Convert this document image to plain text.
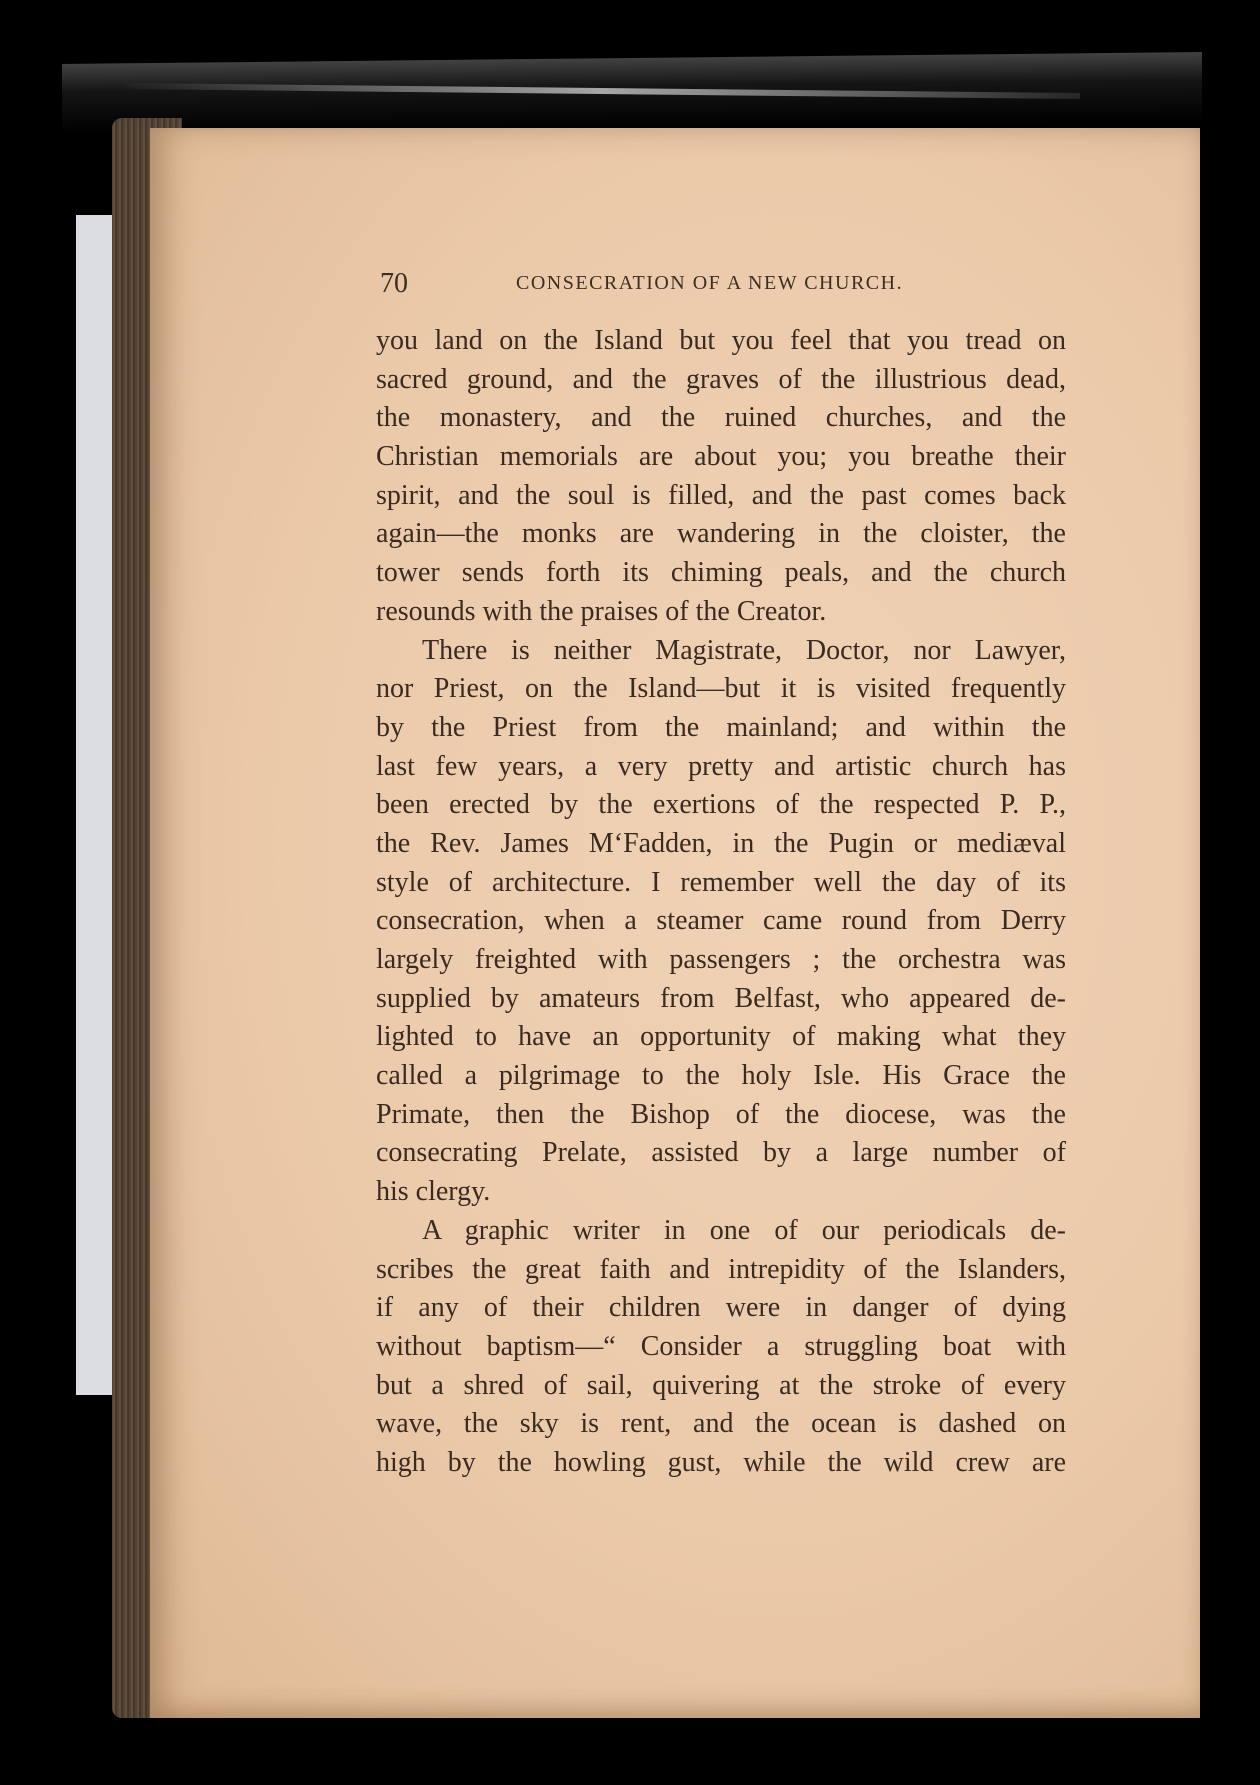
70	CONSECRATION OF A NEW CHURCH.
you land on the Island but you feel that you tread on
sacred ground, and the graves of the illustrious dead,
the monastery, and the ruined churches, and the
Christian memorials are about you; you breathe their
spirit, and the soul is filled, and the past comes back
again—the monks are wandering in the cloister, the
tower sends forth its chiming peals, and the church
resounds with the praises of the Creator.
There is neither Magistrate, Doctor, nor Lawyer,
nor Priest, on the Island—but it is visited frequently
by the Priest from the mainland; and within the
last few years, a very pretty and artistic church has
been erected by the exertions of the respected P. P.,
the Rev. James M‘Fadden, in the Pugin or mediæval
style of architecture. I remember well the day of its
consecration, when a steamer came round from Derry
largely freighted with passengers ; the orchestra was
supplied by amateurs from Belfast, who appeared de-
lighted to have an opportunity of making what they
called a pilgrimage to the holy Isle. His Grace the
Primate, then the Bishop of the diocese, was the
consecrating Prelate, assisted by a large number of
his clergy.
A graphic writer in one of our periodicals de-
scribes the great faith and intrepidity of the Islanders,
if any of their children were in danger of dying
without baptism—“ Consider a struggling boat with
but a shred of sail, quivering at the stroke of every
wave, the sky is rent, and the ocean is dashed on
high by the howling gust, while the wild crew are
